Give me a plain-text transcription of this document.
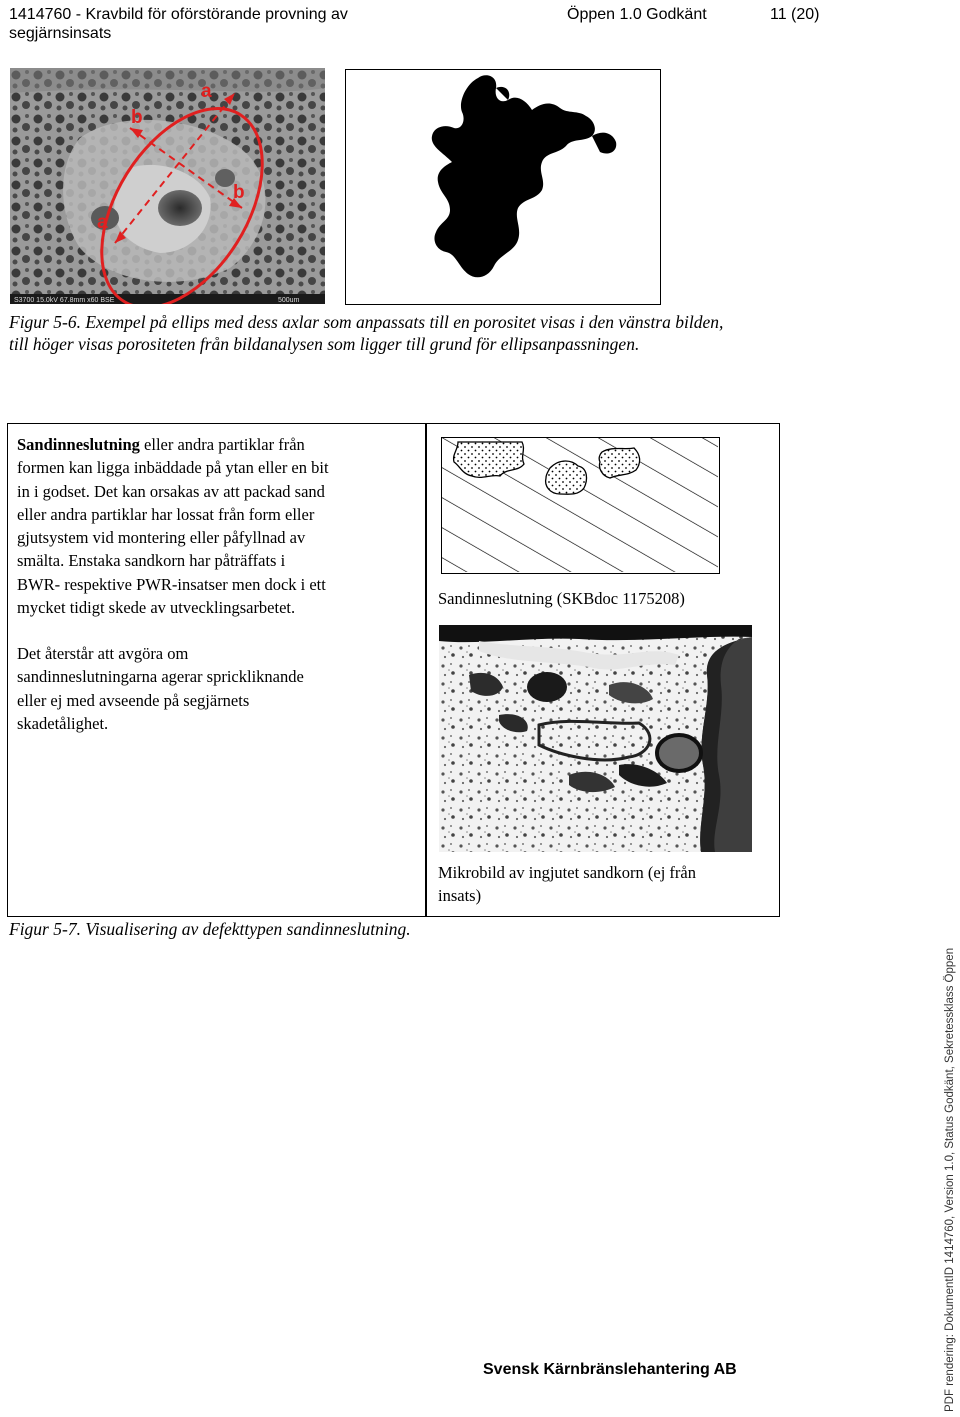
1414760 - Kravbild för oförstörande provning av
segjärnsinsats
Öppen 1.0 Godkänt	11 (20)
S3700 15.0kV 67.8mm x60 BSE	500um
b
a
b
a
Figur 5-6. Exempel på ellips med dess axlar som anpassats till en porositet visas i den vänstra bilden,
till höger visas porositeten från bildanalysen som ligger till grund för ellipsanpassningen.
Sandinneslutning eller andra partiklar från
formen kan ligga inbäddade på ytan eller en bit
in i godset. Det kan orsakas av att packad sand
eller andra partiklar har lossat från form eller
gjutsystem vid montering eller påfyllnad av
smälta. Enstaka sandkorn har påträffats i
BWR- respektive PWR-insatser men dock i ett
mycket tidigt skede av utvecklingsarbetet.
Det återstår att avgöra om
sandinneslutningarna agerar sprickliknande
eller ej med avseende på segjärnets
skadetålighet.
Sandinneslutning (SKBdoc 1175208)
Mikrobild av ingjutet sandkorn (ej från
insats)
Figur 5-7. Visualisering av defekttypen sandinneslutning.
Svensk Kärnbränslehantering AB	PDF rendering: DokumentID 1414760, Version 1.0, Status Godkänt, Sekretessklass Öppen
